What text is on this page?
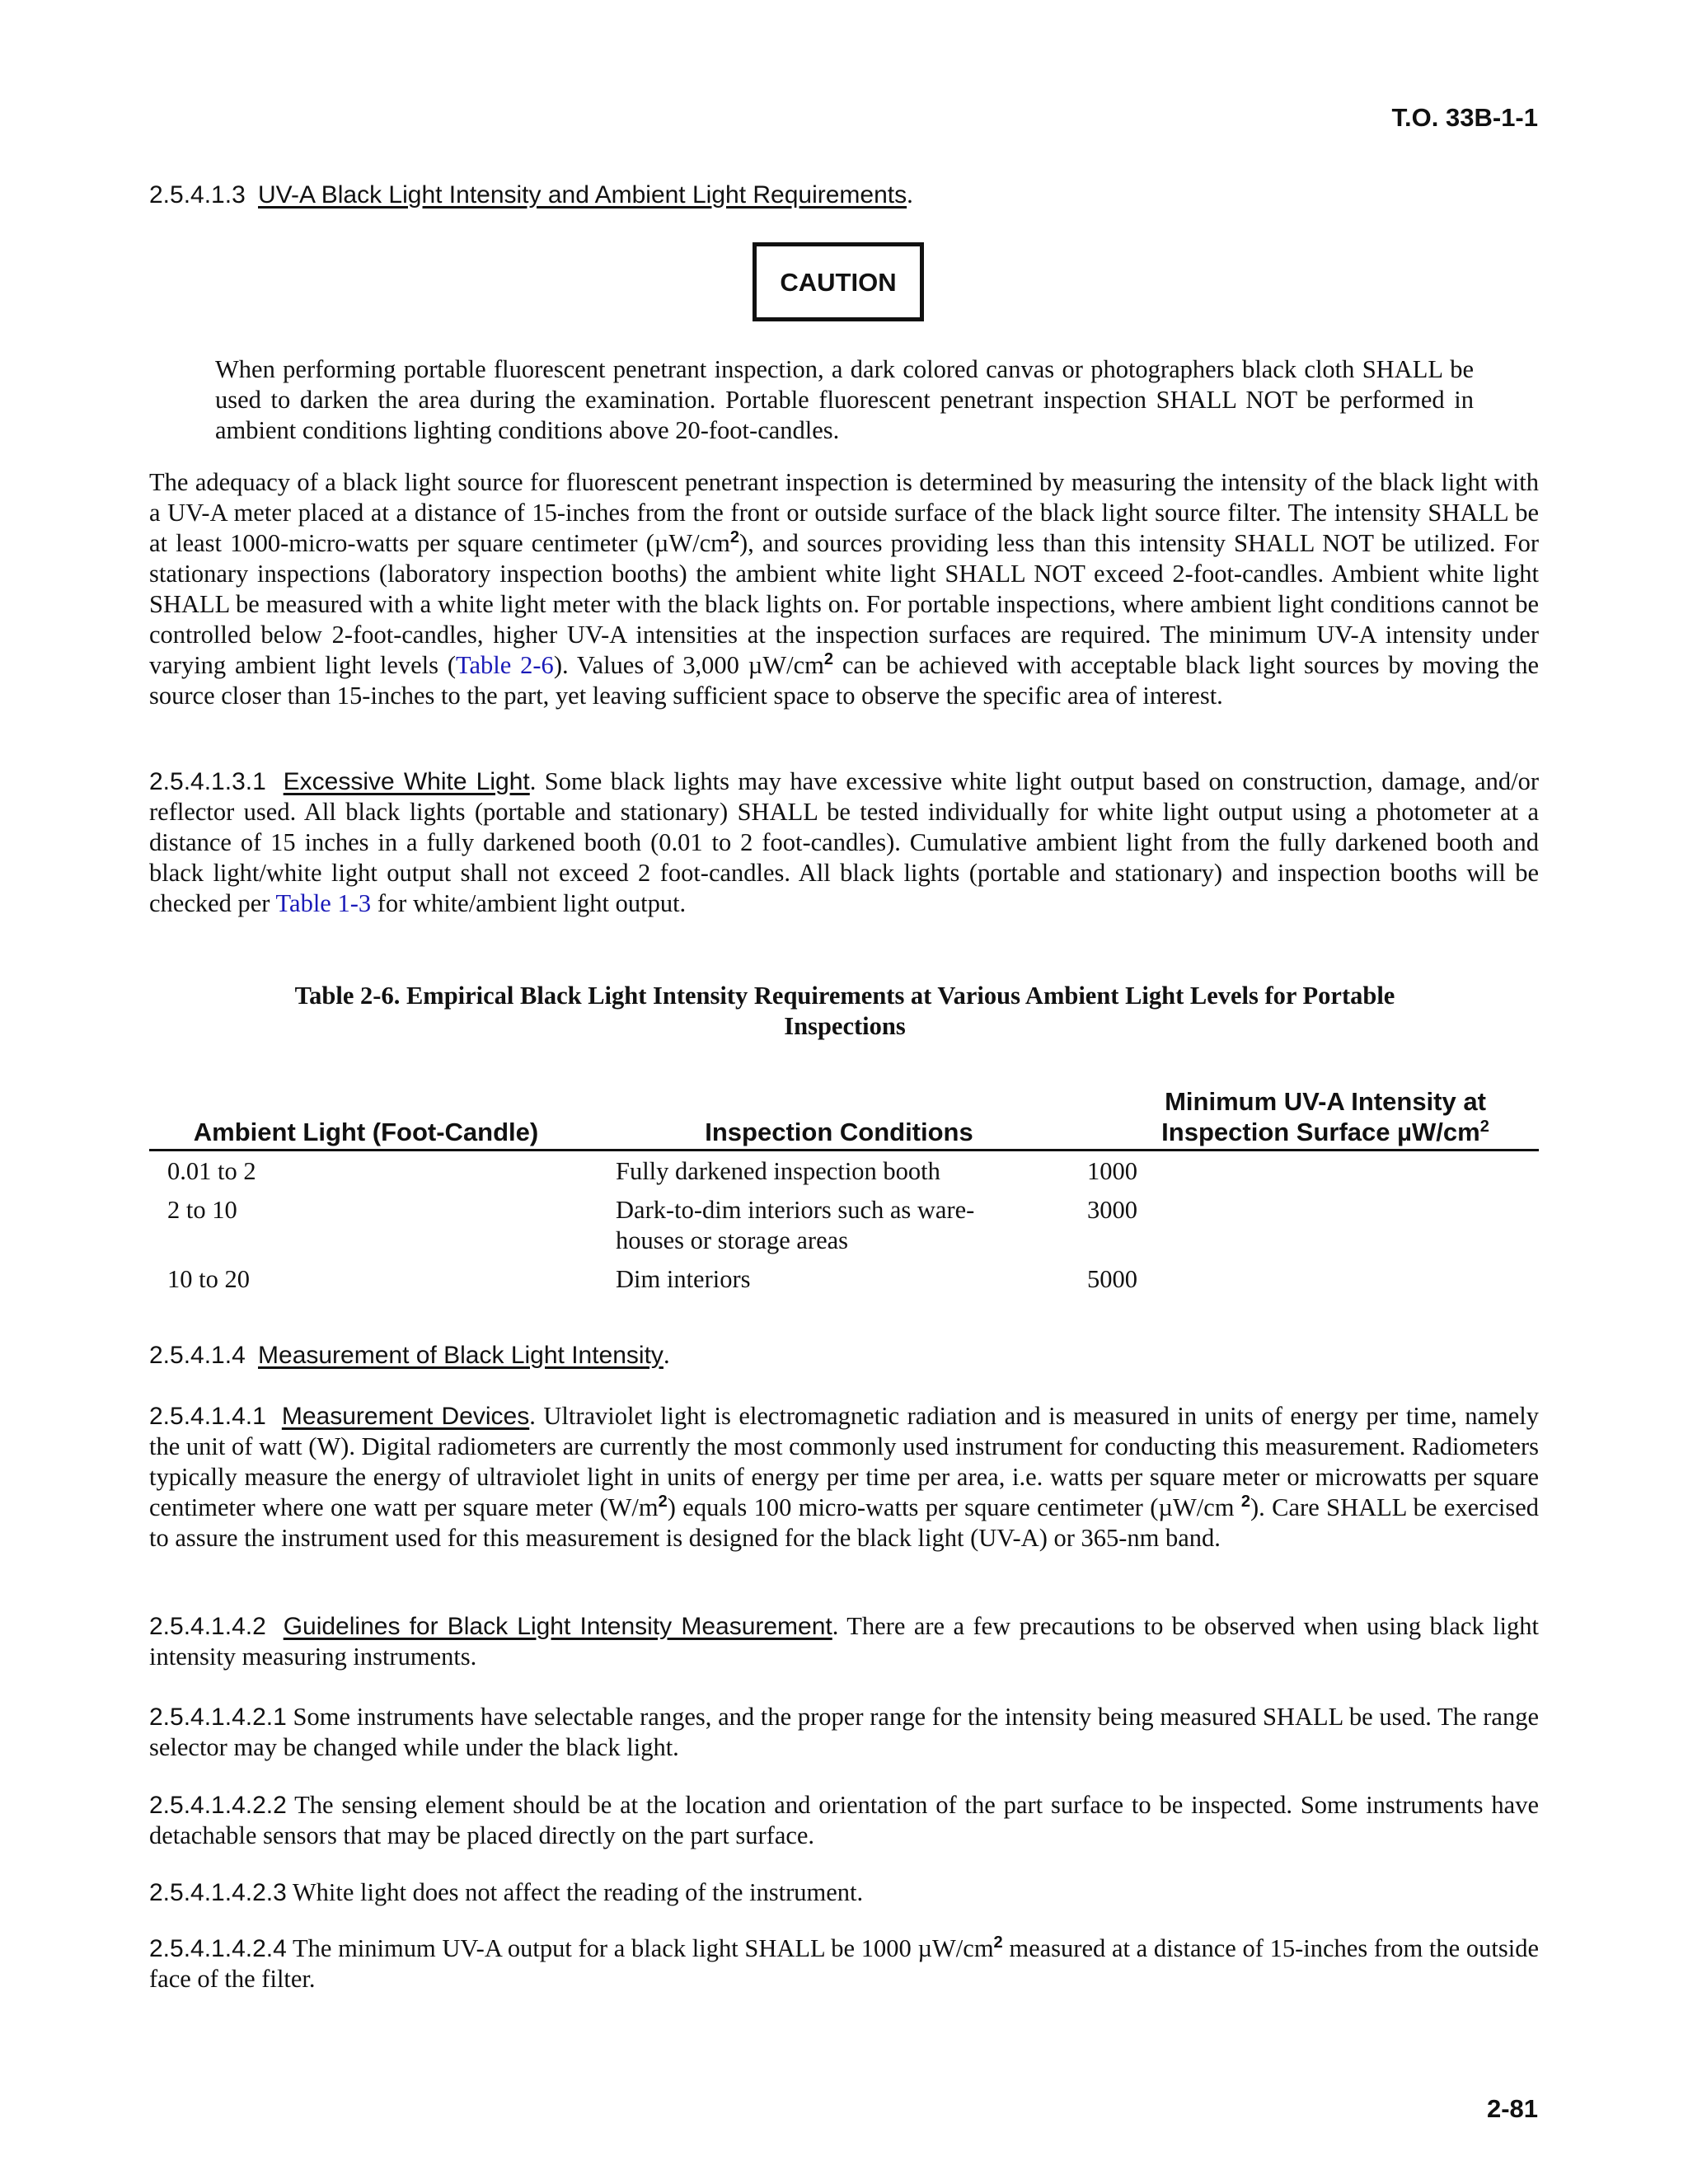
T.O. 33B-1-1
2.5.4.1.3 UV-A Black Light Intensity and Ambient Light Requirements.
CAUTION

When performing portable fluorescent penetrant inspection, a dark colored canvas or photographers black cloth SHALL be used to darken the area during the examination. Portable fluorescent penetrant inspection SHALL NOT be performed in ambient conditions lighting conditions above 20-foot-candles.

The adequacy of a black light source for fluorescent penetrant inspection is determined by measuring the intensity of the black light with a UV-A meter placed at a distance of 15-inches from the front or outside surface of the black light source filter. The intensity SHALL be at least 1000-micro-watts per square centimeter $(\mu W/cm^2)$, and sources providing less than this intensity SHALL NOT be utilized. For stationary inspections (laboratory inspection booths) the ambient white light SHALL NOT exceed 2-foot-candles. Ambient white light SHALL be measured with a white light meter with the black lights on. For portable inspections, where ambient light conditions cannot be controlled below 2-foot-candles, higher UV-A intensities at the inspection surfaces are required. The minimum UV-A intensity under varying ambient light levels (Table 2-6). Values of 3,000 $\mu W/cm^2$ can be achieved with acceptable black light sources by moving the source closer than 15-inches to the part, yet leaving sufficient space to observe the specific area of interest.

2.5.4.1.3.1 Excessive White Light. Some black lights may have excessive white light output based on construction, damage, and/or reflector used. All black lights (portable and stationary) SHALL be tested individually for white light output using a photometer at a distance of 15 inches in a fully darkened booth (0.01 to 2 foot-candles). Cumulative ambient light from the fully darkened booth and black light/white light output shall not exceed 2 foot-candles. All black lights (portable and stationary) and inspection booths will be checked per Table 1-3 for white/ambient light output.

Table 2-6. Empirical Black Light Intensity Requirements at Various Ambient Light Levels for Portable
Inspections
Ambient Light (Foot-Candle)	Inspection Conditions	Minimum UV-A Intensity at
Inspection Surface $\mu W/cm^2$

0.01 to 2	Fully darkened inspection booth	1000
2 to 10	Dark-to-dim interiors such as ware-houses or storage areas	3000
10 to 20	Dim interiors	5000
2.5.4.1.4 Measurement of Black Light Intensity.

2.5.4.1.4.1 Measurement Devices. Ultraviolet light is electromagnetic radiation and is measured in units of energy per time, namely the unit of watt (W). Digital radiometers are currently the most commonly used instrument for conducting this measurement. Radiometers typically measure the energy of ultraviolet light in units of energy per time per area, i.e. watts per square meter or microwatts per square centimeter where one watt per square meter $(W/m^2)$ equals 100 micro-watts per square centimeter (µW/cm $^2$). Care SHALL be exercised to assure the instrument used for this measurement is designed for the black light (UV-A) or 365-nm band.

2.5.4.1.4.2 Guidelines for Black Light Intensity Measurement. There are a few precautions to be observed when using black light intensity measuring instruments.

2.5.4.1.4.2.1 Some instruments have selectable ranges, and the proper range for the intensity being measured SHALL be used. The range selector may be changed while under the black light.

2.5.4.1.4.2.2 The sensing element should be at the location and orientation of the part surface to be inspected. Some instruments have detachable sensors that may be placed directly on the part surface.

2.5.4.1.4.2.3 White light does not affect the reading of the instrument.

2.5.4.1.4.2.4 The minimum UV-A output for a black light SHALL be 1000 $\mu W/cm^2$ measured at a distance of 15-inches from the outside face of the filter.

2-81
